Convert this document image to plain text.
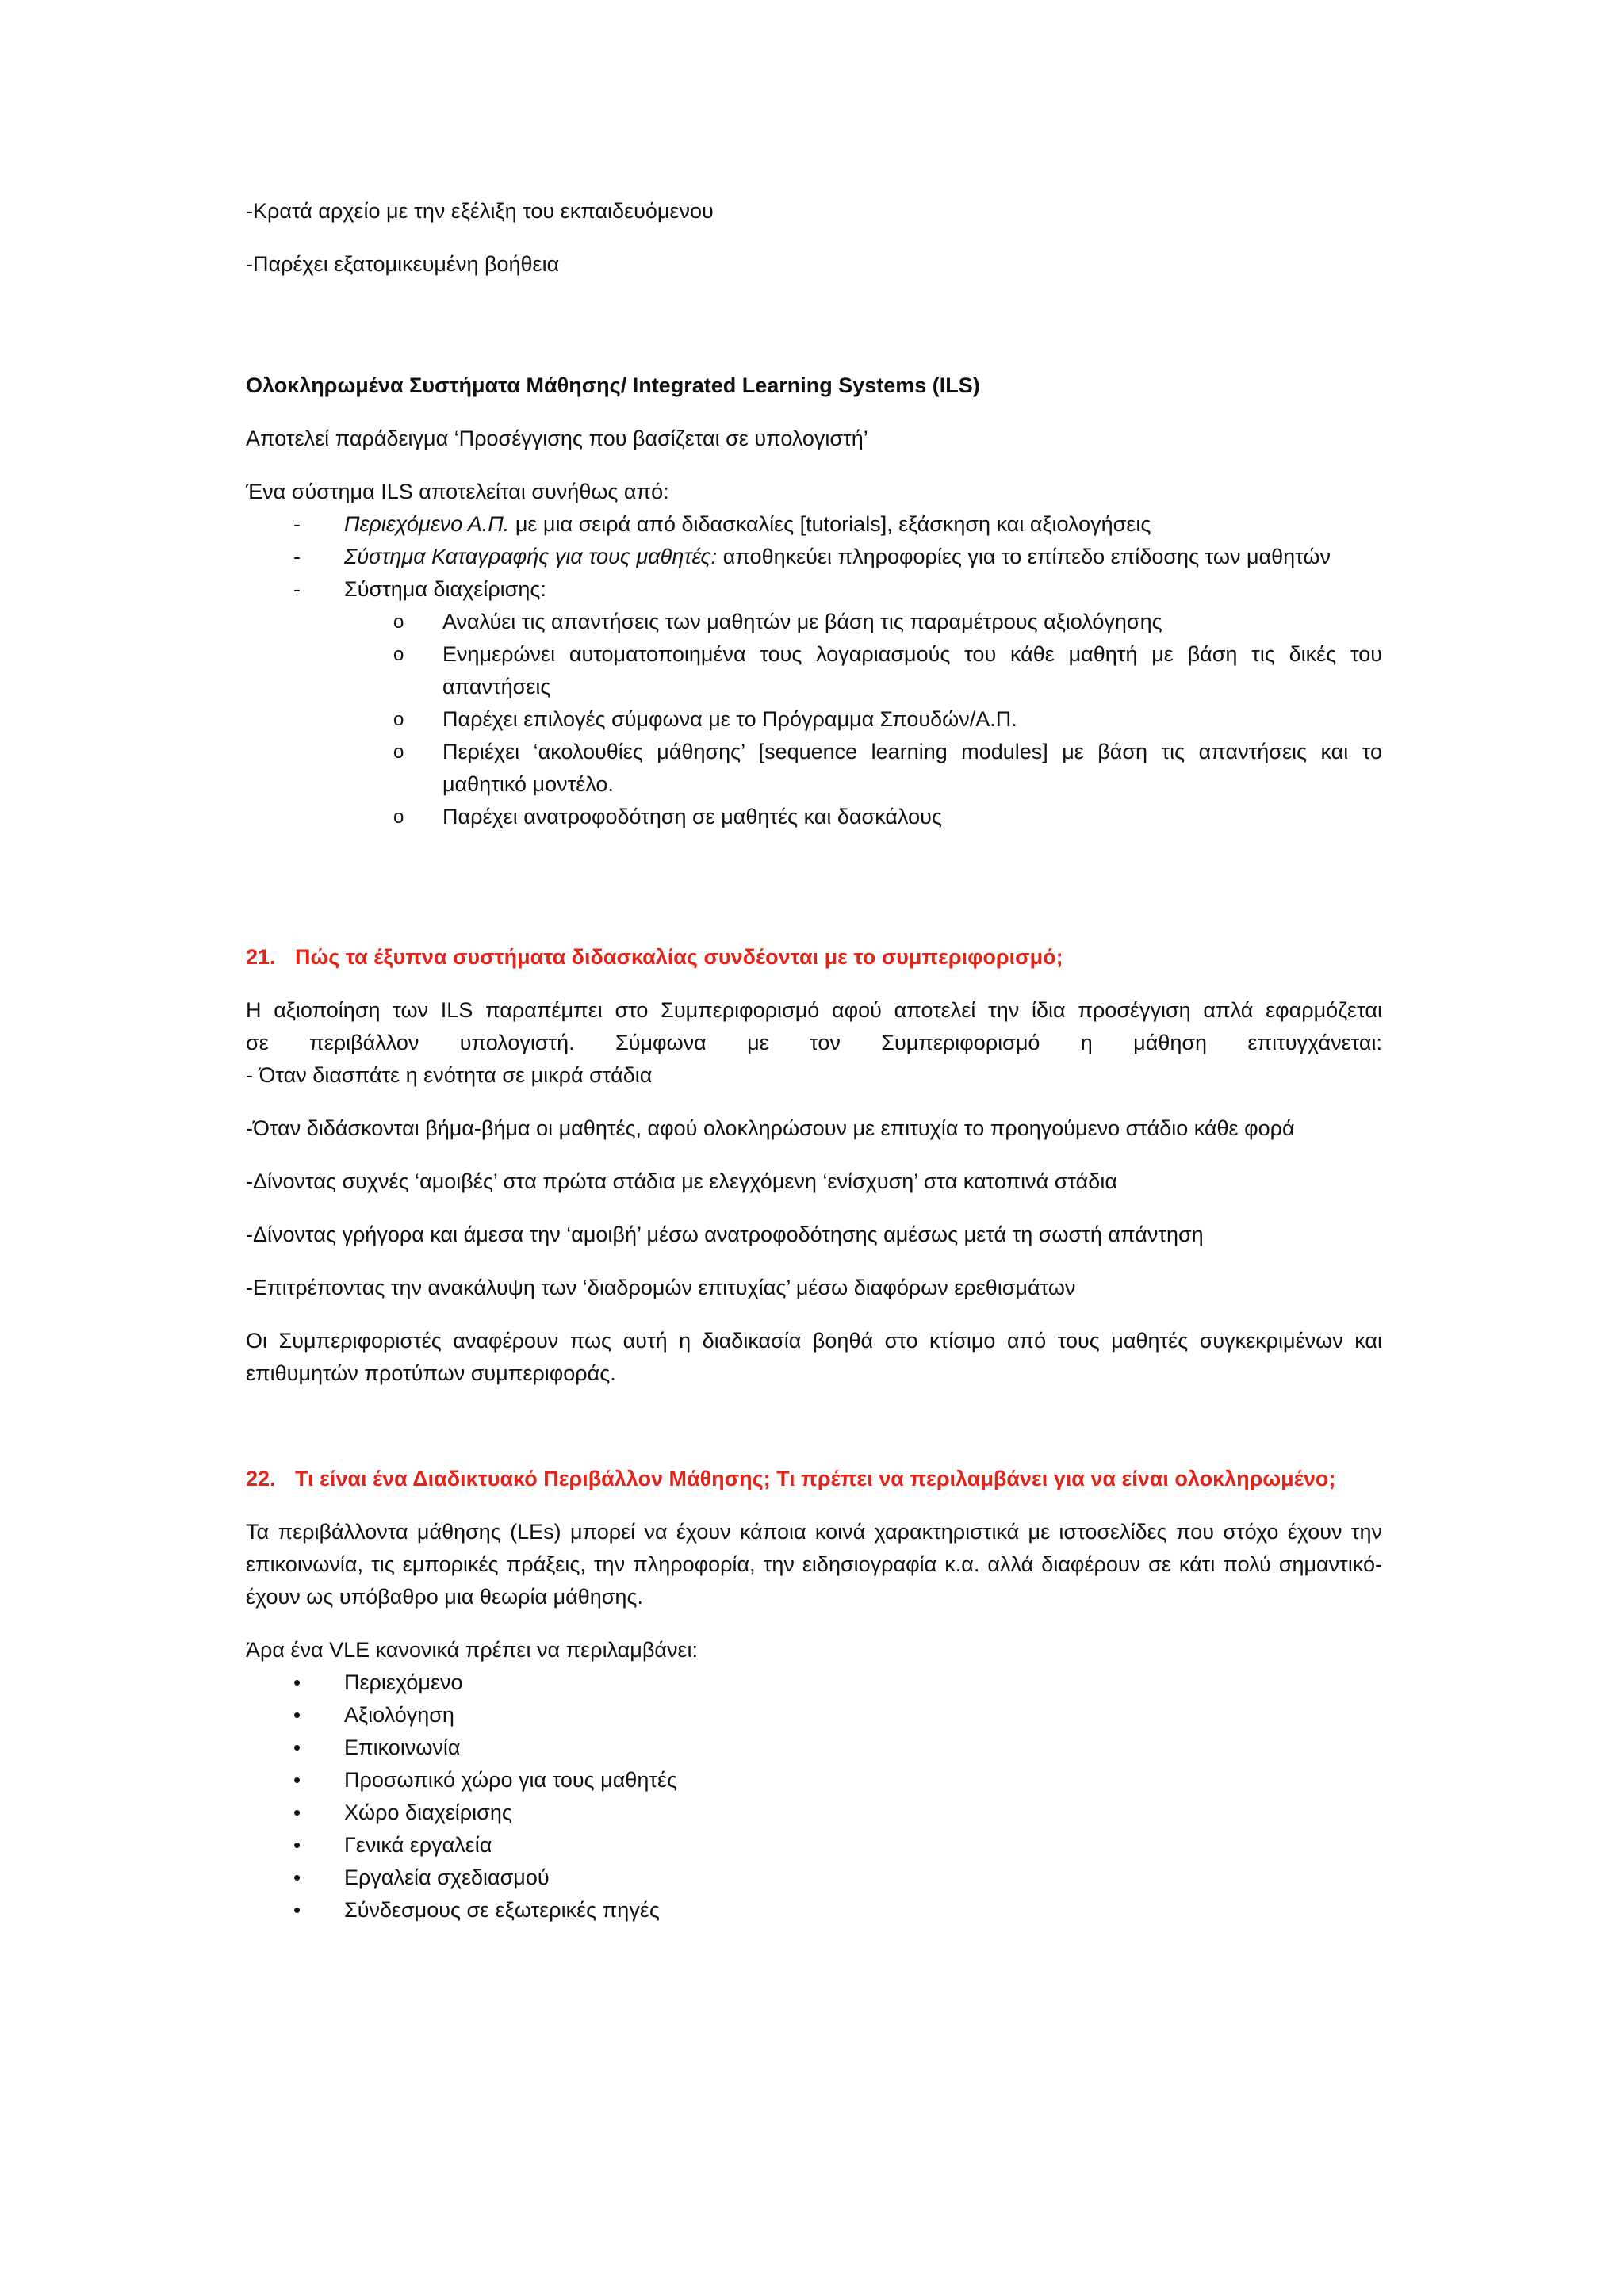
-Κρατά αρχείο με την εξέλιξη του εκπαιδευόμενου

-Παρέχει εξατομικευμένη βοήθεια

Ολοκληρωμένα Συστήματα Μάθησης/ Integrated Learning Systems (ILS)

Αποτελεί παράδειγμα ‘Προσέγγισης που βασίζεται σε υπολογιστή’

Ένα σύστημα ILS αποτελείται συνήθως από:

- Περιεχόμενο Α.Π. με μια σειρά από διδασκαλίες [tutorials], εξάσκηση και αξιολογήσεις
- Σύστημα Καταγραφής για τους μαθητές: αποθηκεύει πληροφορίες για το επίπεδο επίδοσης των μαθητών
- Σύστημα διαχείρισης:
o Αναλύει τις απαντήσεις των μαθητών με βάση τις παραμέτρους αξιολόγησης
o Ενημερώνει αυτοματοποιημένα τους λογαριασμούς του κάθε μαθητή με βάση τις δικές του απαντήσεις
o Παρέχει επιλογές σύμφωνα με το Πρόγραμμα Σπουδών/Α.Π.
o Περιέχει ‘ακολουθίες μάθησης’ [sequence learning modules] με βάση τις απαντήσεις και το μαθητικό μοντέλο.
o Παρέχει ανατροφοδότηση σε μαθητές και δασκάλους

21. Πώς τα έξυπνα συστήματα διδασκαλίας συνδέονται με το συμπεριφορισμό;

Η αξιοποίηση των ILS παραπέμπει στο Συμπεριφορισμό αφού αποτελεί την ίδια προσέγγιση απλά εφαρμόζεται

σε περιβάλλον υπολογιστή. Σύμφωνα με τον Συμπεριφορισμό η μάθηση επιτυγχάνεται:

- Όταν διασπάτε η ενότητα σε μικρά στάδια

-Όταν διδάσκονται βήμα-βήμα οι μαθητές, αφού ολοκληρώσουν με επιτυχία το προηγούμενο στάδιο κάθε φορά

-Δίνοντας συχνές ‘αμοιβές’ στα πρώτα στάδια με ελεγχόμενη ‘ενίσχυση’ στα κατοπινά στάδια

-Δίνοντας γρήγορα και άμεσα την ‘αμοιβή’ μέσω ανατροφοδότησης αμέσως μετά τη σωστή απάντηση

-Επιτρέποντας την ανακάλυψη των ‘διαδρομών επιτυχίας’ μέσω διαφόρων ερεθισμάτων

Οι Συμπεριφοριστές αναφέρουν πως αυτή η διαδικασία βοηθά στο κτίσιμο από τους μαθητές συγκεκριμένων και επιθυμητών προτύπων συμπεριφοράς.

22. Τι είναι ένα Διαδικτυακό Περιβάλλον Μάθησης; Τι πρέπει να περιλαμβάνει για να είναι ολοκληρωμένο;

Τα περιβάλλοντα μάθησης (LEs) μπορεί να έχουν κάποια κοινά χαρακτηριστικά με ιστοσελίδες που στόχο έχουν την επικοινωνία, τις εμπορικές πράξεις, την πληροφορία, την ειδησιογραφία κ.α. αλλά διαφέρουν σε κάτι πολύ σημαντικό- έχουν ως υπόβαθρο μια θεωρία μάθησης.

Άρα ένα VLE κανονικά πρέπει να περιλαμβάνει:

• Περιεχόμενο
• Αξιολόγηση
• Επικοινωνία
• Προσωπικό χώρο για τους μαθητές
• Χώρο διαχείρισης
• Γενικά εργαλεία
• Εργαλεία σχεδιασμού
• Σύνδεσμους σε εξωτερικές πηγές
